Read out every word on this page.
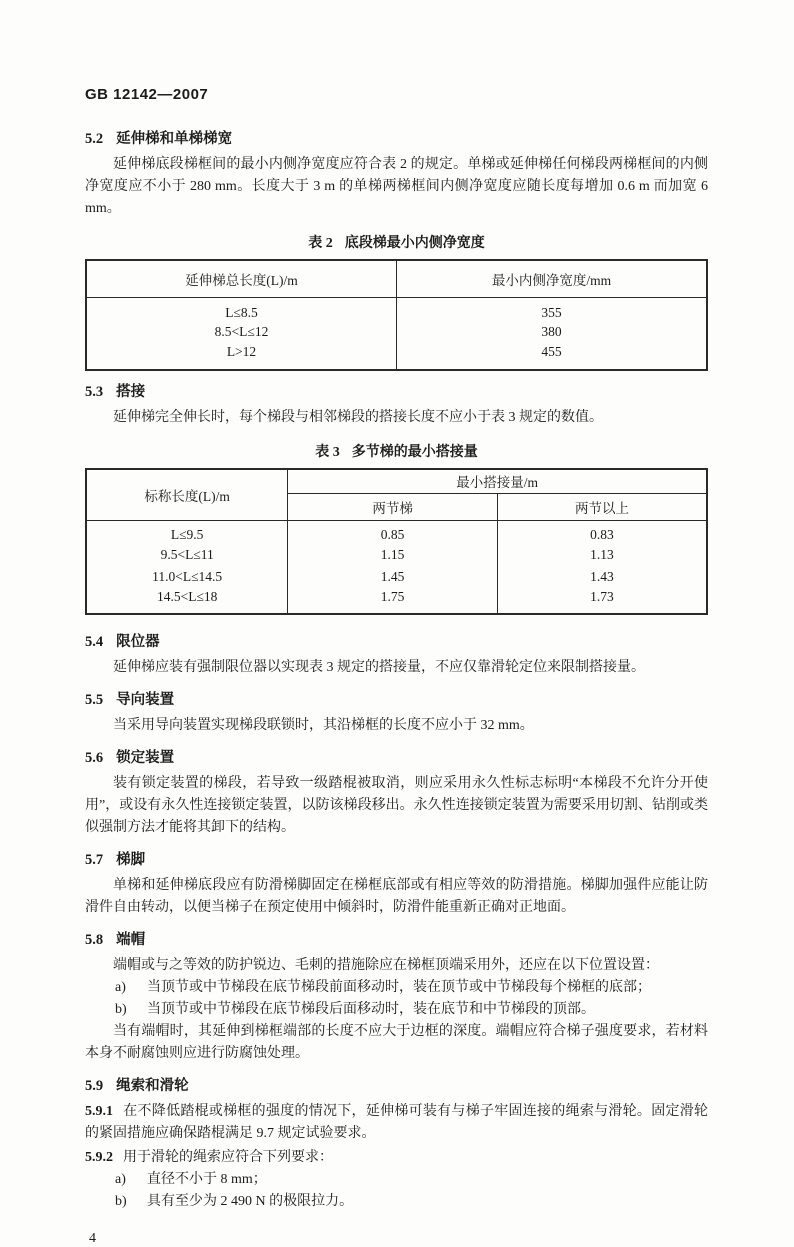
GB 12142—2007
5.2 延伸梯和单梯梯宽

延伸梯底段梯框间的最小内侧净宽度应符合表 2 的规定。单梯或延伸梯任何梯段两梯框间的内侧净宽度应不小于 280 mm。长度大于 3 m 的单梯两梯框间内侧净宽度应随长度每增加 0.6 m 而加宽 6 mm。

表 2 底段梯最小内侧净宽度
延伸梯总长度(L)/m	最小内侧净宽度/mm
L≤8.5	355
8.5<L≤12	380
L>12	455
5.3 搭接

延伸梯完全伸长时，每个梯段与相邻梯段的搭接长度不应小于表 3 规定的数值。

表 3 多节梯的最小搭接量
标称长度(L)/m	最小搭接量/m	
	两节梯	两节以上
L≤9.5	0.85	0.83
9.5<L≤11	1.15	1.13
11.0<L≤14.5	1.45	1.43
14.5<L≤18	1.75	1.73
5.4 限位器

延伸梯应装有强制限位器以实现表 3 规定的搭接量，不应仅靠滑轮定位来限制搭接量。

5.5 导向装置

当采用导向装置实现梯段联锁时，其沿梯框的长度不应小于 32 mm。

5.6 锁定装置

装有锁定装置的梯段，若导致一级踏棍被取消，则应采用永久性标志标明“本梯段不允许分开使用”，或设有永久性连接锁定装置，以防该梯段移出。永久性连接锁定装置为需要采用切割、钻削或类似强制方法才能将其卸下的结构。

5.7 梯脚

单梯和延伸梯底段应有防滑梯脚固定在梯框底部或有相应等效的防滑措施。梯脚加强件应能让防滑件自由转动，以便当梯子在预定使用中倾斜时，防滑件能重新正确对正地面。

5.8 端帽

端帽或与之等效的防护锐边、毛刺的措施除应在梯框顶端采用外，还应在以下位置设置：

a)	当顶节或中节梯段在底节梯段前面移动时，装在顶节或中节梯段每个梯框的底部；
b)	当顶节或中节梯段在底节梯段后面移动时，装在底节和中节梯段的顶部。

当有端帽时，其延伸到梯框端部的长度不应大于边框的深度。端帽应符合梯子强度要求，若材料本身不耐腐蚀则应进行防腐蚀处理。

5.9 绳索和滑轮

5.9.1 在不降低踏棍或梯框的强度的情况下，延伸梯可装有与梯子牢固连接的绳索与滑轮。固定滑轮的紧固措施应确保踏棍满足 9.7 规定试验要求。

5.9.2 用于滑轮的绳索应符合下列要求：

a)	直径不小于 8 mm；
b)	具有至少为 2 490 N 的极限拉力。
4
